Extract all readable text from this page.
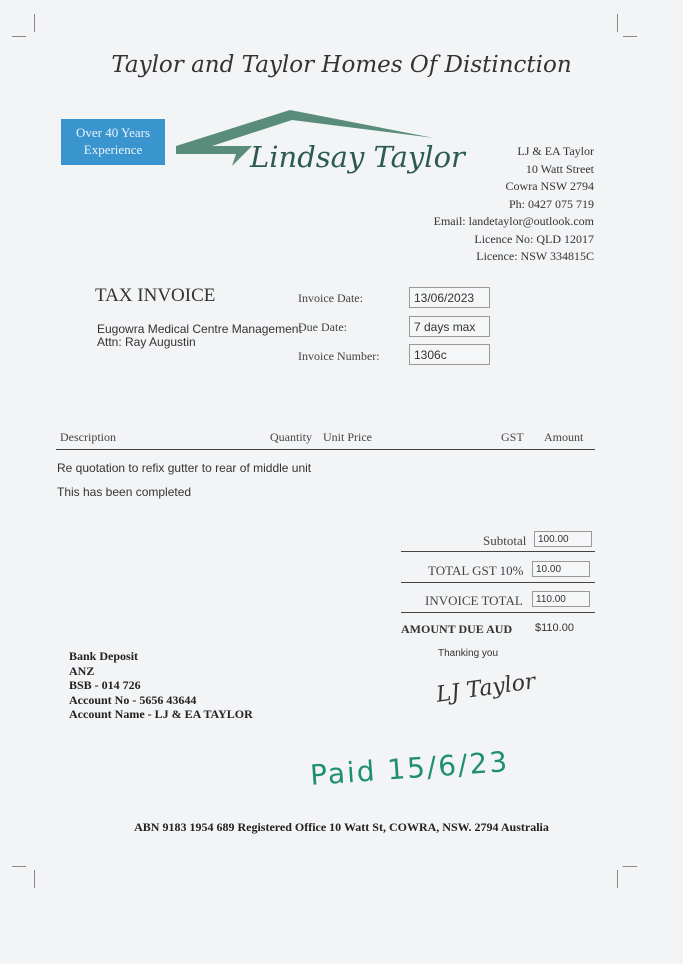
Taylor and Taylor Homes Of Distinction
Over 40 Years
Experience	Lindsay Taylor	LJ & EA Taylor
10 Watt Street
Cowra NSW 2794
Ph: 0427 075 719
Email: landetaylor@outlook.com
Licence No: QLD 12017
Licence: NSW 334815C
TAX INVOICE
Eugowra Medical Centre Management
Attn: Ray Augustin
Invoice Date:	13/06/2023
Due Date:	7 days max
Invoice Number:	1306c
Description	Quantity Unit Price	GST Amount
Re quotation to refix gutter to rear of middle unit
This has been completed
Subtotal	100.00
TOTAL GST 10%	10.00
INVOICE TOTAL	110.00
AMOUNT DUE AUD $110.00
Thanking you
LJ Taylor
Bank Deposit
ANZ
BSB - 014 726
Account No - 5656 43644
Account Name - LJ & EA TAYLOR
Paid 15/6/23
ABN 9183 1954 689 Registered Office 10 Watt St, COWRA, NSW. 2794 Australia
